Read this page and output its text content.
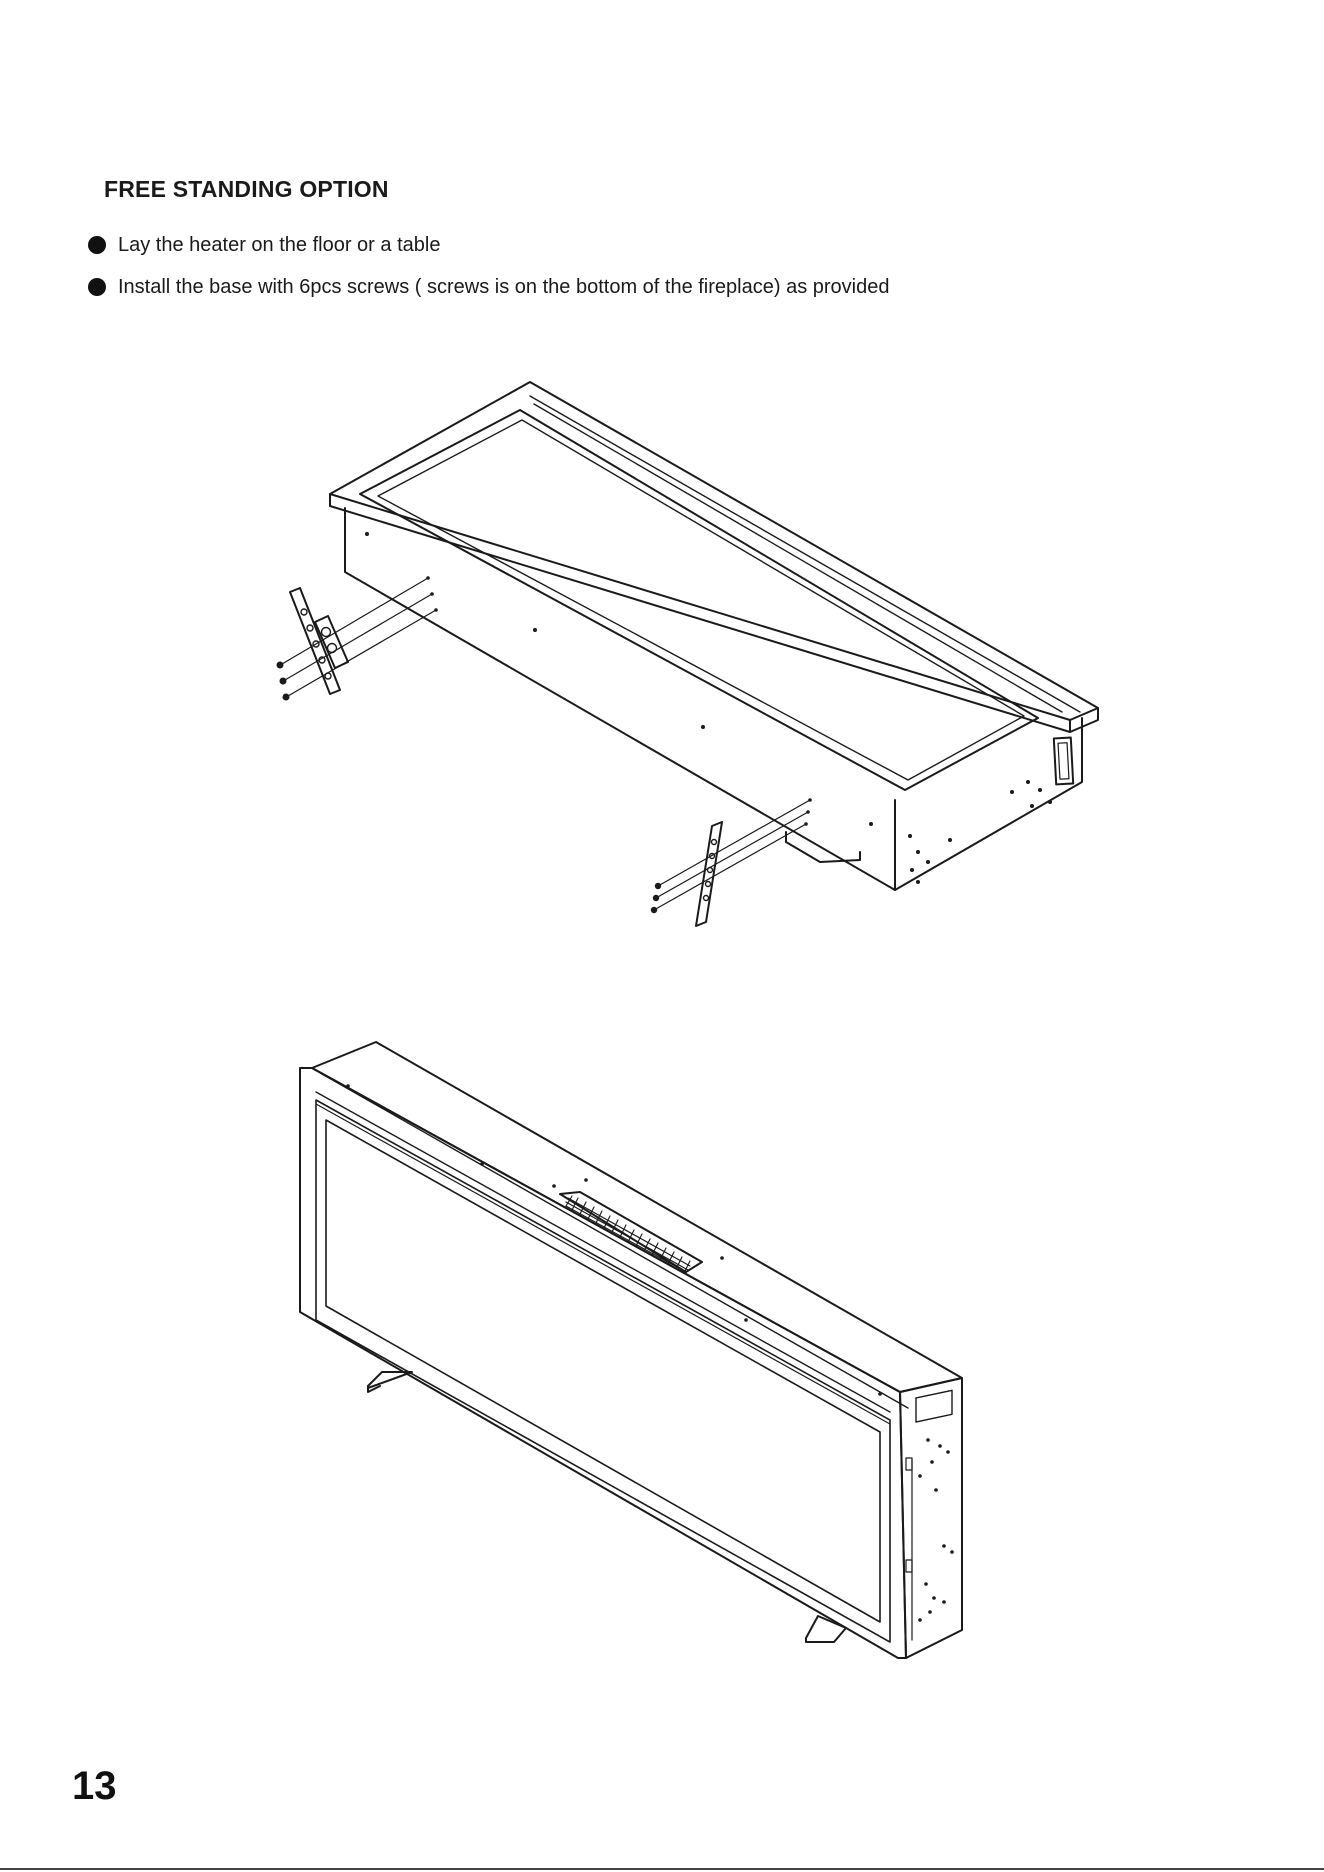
FREE STANDING OPTION
Lay the heater on the floor or a table
Install the base with 6pcs screws ( screws is on the bottom of the fireplace) as provided
13
